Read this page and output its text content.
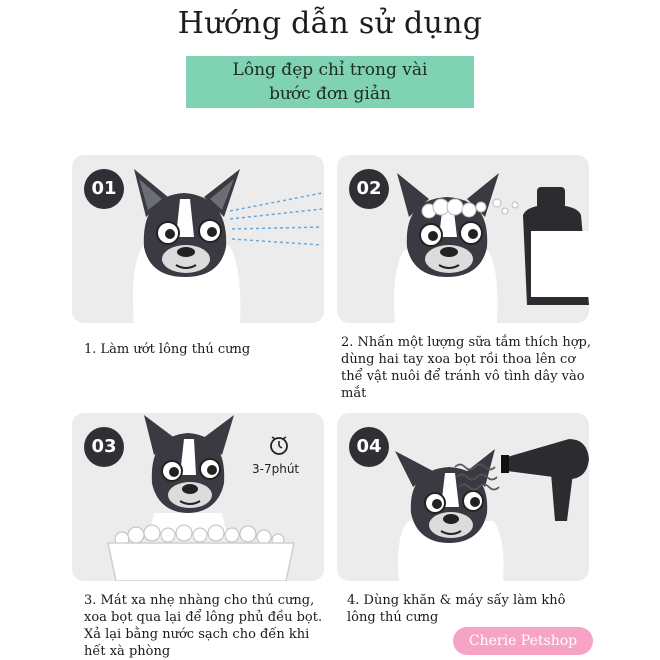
Hướng dẫn sử dụng
Lông đẹp chỉ trong vài
bước đơn giản
01
1. Làm ướt lông thú cưng
02
2. Nhấn một lượng sữa tắm thích hợp, dùng hai tay xoa bọt rồi thoa lên cơ thể vật nuôi để tránh vô tình dây vào mắt
03
3-7phút
3. Mát xa nhẹ nhàng cho thú cưng, xoa bọt qua lại để lông phủ đều bọt. Xả lại bằng nước sạch cho đến khi hết xà phòng
04
4. Dùng khăn & máy sấy làm khô lông thú cưng
Cherie Petshop
